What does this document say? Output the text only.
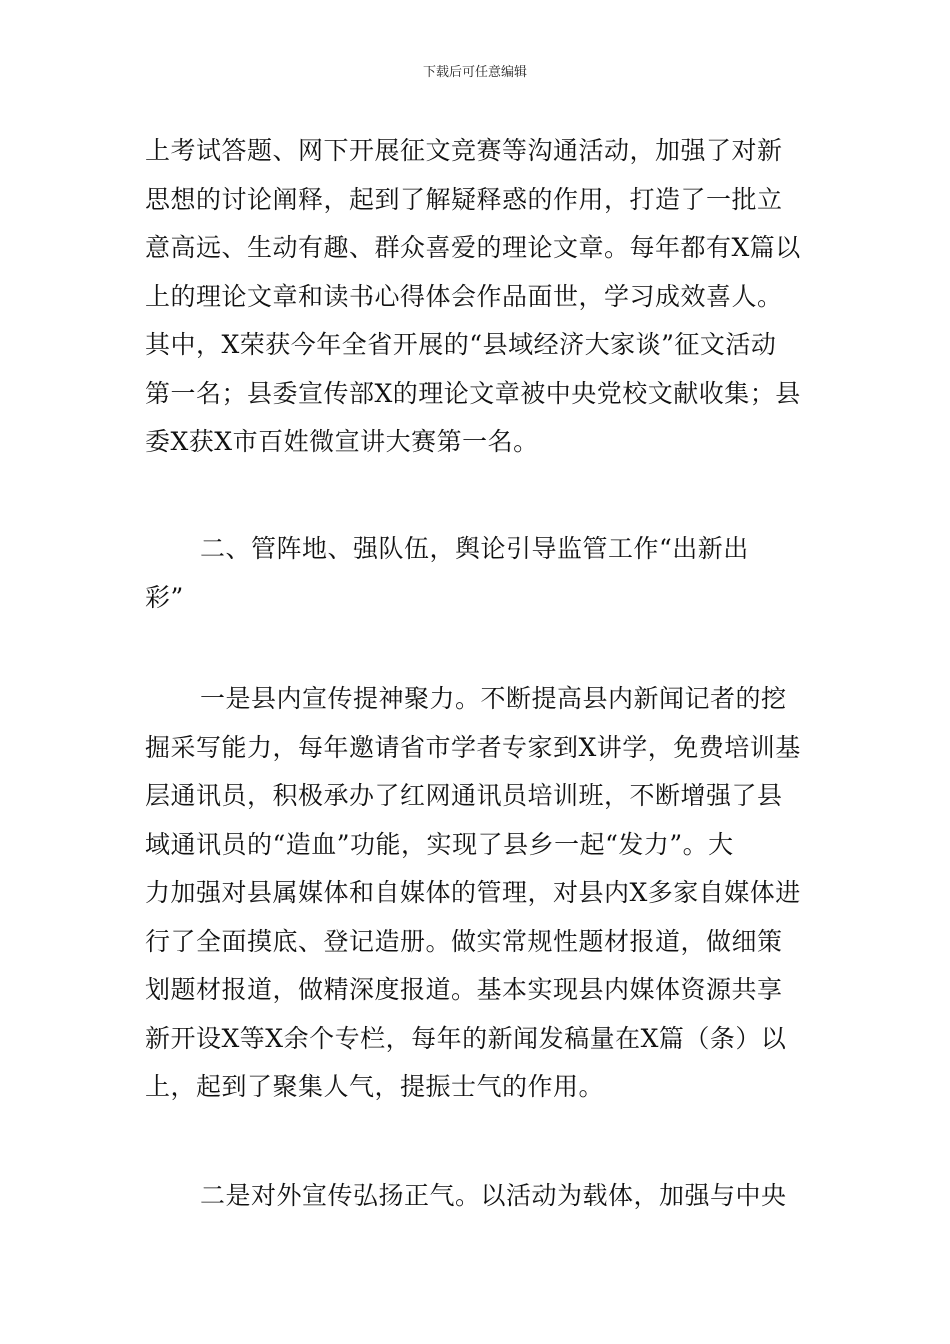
下载后可任意编辑
上考试答题、网下开展征文竞赛等沟通活动，加强了对新
思想的讨论阐释，起到了解疑释惑的作用，打造了一批立
意高远、生动有趣、群众喜爱的理论文章。每年都有X篇以
上的理论文章和读书心得体会作品面世，学习成效喜人。
其中，X荣获今年全省开展的“县域经济大家谈”征文活动
第一名；县委宣传部X的理论文章被中央党校文献收集；县
委X获X市百姓微宣讲大赛第一名。
二、管阵地、强队伍，舆论引导监管工作“出新出
彩”
一是县内宣传提神聚力。不断提高县内新闻记者的挖
掘采写能力，每年邀请省市学者专家到X讲学，免费培训基
层通讯员，积极承办了红网通讯员培训班，不断增强了县
域通讯员的“造血”功能，实现了县乡一起“发力”。大
力加强对县属媒体和自媒体的管理，对县内X多家自媒体进
行了全面摸底、登记造册。做实常规性题材报道，做细策
划题材报道，做精深度报道。基本实现县内媒体资源共享
新开设X等X余个专栏，每年的新闻发稿量在X篇（条）以
上，起到了聚集人气，提振士气的作用。
二是对外宣传弘扬正气。以活动为载体，加强与中央
